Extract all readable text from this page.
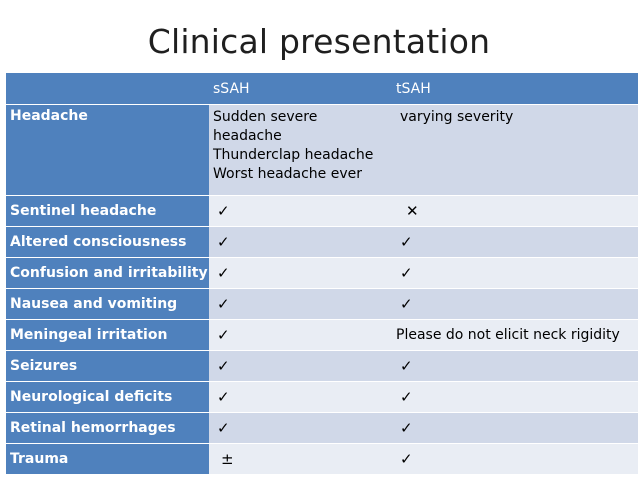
Clinical presentation
	sSAH	tSAH
Headache	Sudden severe
headache
Thunderclap headache
Worst headache ever	varying severity
Sentinel headache	✓	✕
Altered consciousness	✓	✓
Confusion and irritability	✓	✓
Nausea and vomiting	✓	✓
Meningeal irritation	✓	Please do not elicit neck rigidity
Seizures	✓	✓
Neurological deficits	✓	✓
Retinal hemorrhages	✓	✓
Trauma	±	✓
